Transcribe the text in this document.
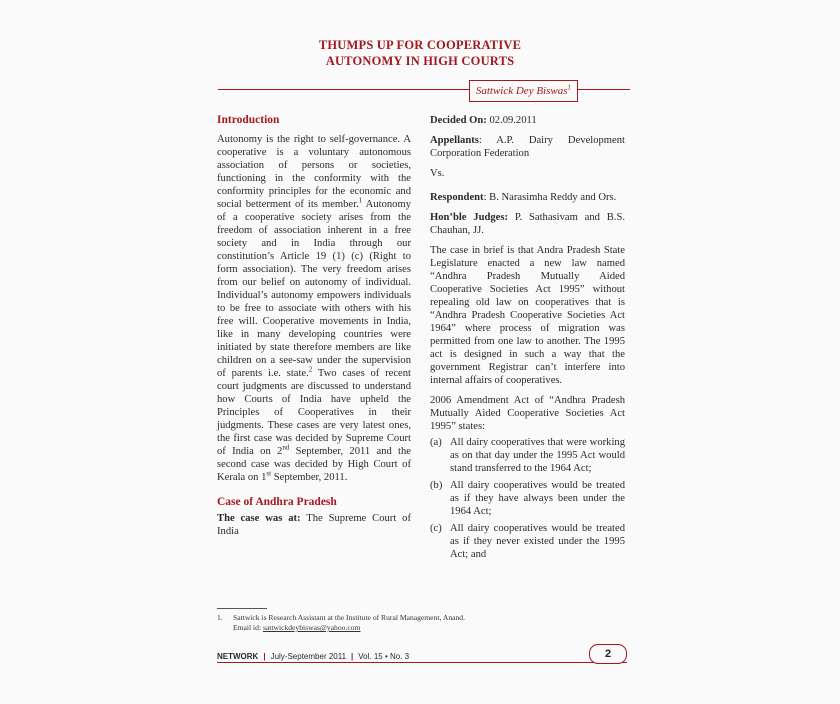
THUMPS UP FOR COOPERATIVE
AUTONOMY IN HIGH COURTS
Sattwick Dey Biswas$^1$
Introduction

Autonomy is the right to self-governance. A cooperative is a voluntary autonomous association of persons or societies, functioning in the conformity with the conformity principles for the economic and social betterment of its member.$^1$ Autonomy of a cooperative society arises from the freedom of association inherent in a free society and in India through our constitution’s Article 19 (1) (c) (Right to form association). The very freedom arises from our belief on autonomy of individual. Individual’s autonomy empowers individuals to be free to associate with others with his free will. Cooperative movements in India, like in many developing countries were initiated by state therefore members are like children on a see-saw under the supervision of parents i.e. state.$^2$ Two cases of recent court judgments are discussed to understand how Courts of India have upheld the Principles of Cooperatives in their judgments. These cases are very latest ones, the first case was decided by Supreme Court of India on 2nd September, 2011 and the second case was decided by High Court of Kerala on 1st September, 2011.

Case of Andhra Pradesh

The case was at: The Supreme Court of India

Decided On: 02.09.2011

Appellants: A.P. Dairy Development Corporation Federation

Vs.

Respondent: B. Narasimha Reddy and Ors.

Hon’ble Judges: P. Sathasivam and B.S. Chauhan, JJ.

The case in brief is that Andra Pradesh State Legislature enacted a new law named “Andhra Pradesh Mutually Aided Cooperative Societies Act 1995” without repealing old law on cooperatives that is “Andhra Pradesh Cooperative Societies Act 1964” where process of migration was permitted from one law to another. The 1995 act is designed in such a way that the government Registrar can’t interfere into internal affairs of cooperatives.

2006 Amendment Act of “Andhra Pradesh Mutually Aided Cooperative Societies Act 1995” states:

(a) All dairy cooperatives that were working as on that day under the 1995 Act would stand transferred to the 1964 Act;
(b) All dairy cooperatives would be treated as if they have always been under the 1964 Act;
(c) All dairy cooperatives would be treated as if they never existed under the 1995 Act; and
1. Sattwick is Research Assistant at the Institute of Rural Management, Anand.
Email id: sattwickdeybiswas@yahoo.com
NETWORK | July-September 2011 | Vol. 15 • No. 3	2
